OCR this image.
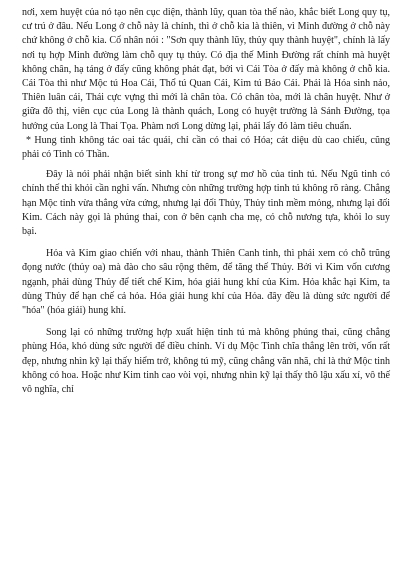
nơi, xem huyệt của nó tạo nên cục diện, thành lũy, quan tòa thế nào, khắc biết Long quy tụ, cư trú ở đâu. Nếu Long ở chỗ này là chính, thì ở chỗ kia là thiên, vì Minh đường ở chỗ này chứ không ở chỗ kia. Cổ nhân nói : "Sơn quy thành lũy, thủy quy thành huyệt", chính là lấy nơi tụ hợp Minh đường làm chỗ quy tụ thủy. Có địa thế Minh Đường rất chính mà huyệt không chân, hạ táng ở đấy cũng không phát đạt, bởi vì Cái Tòa ở đấy mà không ở chỗ kia. Cái Tòa thì như Mộc tú Hoa Cái, Thổ tú Quan Cái, Kim tú Bảo Cái. Phải là Hóa sinh nảo, Thiên luân cái, Thái cực vựng thì mới là chân tòa. Có chân tòa, mới là chân huyệt. Như ở giữa đô thị, viên cục của Long là thành quách, Long có huyệt trường là Sảnh Đường, tọa hướng của Long là Thai Tọa. Phàm nơi Long dừng lại, phải lấy đó làm tiêu chuẩn.

* Hung tinh không tác oai tác quái, chỉ cần có thai có Hóa; cát diệu dù cao chiếu, cũng phải có Tinh có Thần.

Đây là nói phải nhận biết sinh khí từ trong sự mơ hồ của tinh tú. Nếu Ngũ tinh có chính thế thì khỏi cần nghi vấn. Nhưng còn những trường hợp tinh tú không rõ ràng. Chẳng hạn Mộc tinh vừa thẳng vừa cứng, nhưng lại đối Thủy, Thủy tinh mềm mỏng, nhưng lại đối Kim. Cách này gọi là phúng thai, con ở bên cạnh cha mẹ, có chỗ nương tựa, khỏi lo suy bại.

Hỏa và Kim giao chiến với nhau, thành Thiên Canh tinh, thì phải xem có chỗ trũng đọng nước (thủy oa) mà đào cho sâu rộng thêm, để tăng thế Thủy. Bởi vì Kim vốn cương ngạnh, phải dùng Thủy để tiết chế Kim, hóa giải hung khí của Kim. Hỏa khắc hại Kim, ta dùng Thủy để hạn chế cả hỏa. Hóa giải hung khí của Hỏa. đây đều là dùng sức người để "hóa" (hóa giải) hung khí.

Song lại có những trường hợp xuất hiện tinh tú mà không phúng thai, cũng chẳng phùng Hóa, khó dùng sức người để điều chỉnh. Ví dụ Mộc Tinh chĩa thẳng lên trời, vốn rất đẹp, nhưng nhìn kỹ lại thấy hiểm trở, không tú mỹ, cũng chẳng văn nhã, chỉ là thứ Mộc tinh không có hoa. Hoặc như Kim tinh cao vòi vọi, nhưng nhìn kỹ lại thấy thô lậu xấu xí, vô thế vô nghĩa, chỉ
